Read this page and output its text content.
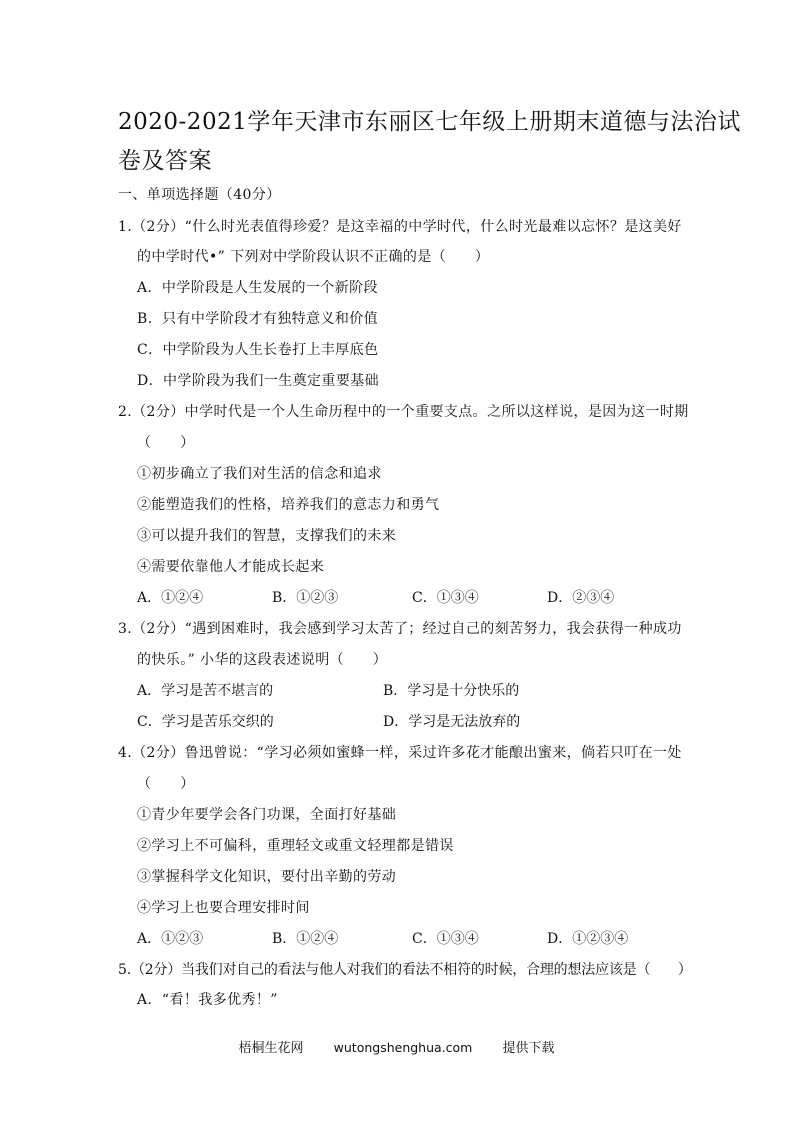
2020-2021学年天津市东丽区七年级上册期末道德与法治试
卷及答案
一、单项选择题（40分）
1.（2分）“什么时光表值得珍爱？是这幸福的中学时代，什么时光最难以忘怀？是这美好
的中学时代•” 下列对中学阶段认识不正确的是（　　）
A．中学阶段是人生发展的一个新阶段
B．只有中学阶段才有独特意义和价值
C．中学阶段为人生长卷打上丰厚底色
D．中学阶段为我们一生奠定重要基础
2.（2分）中学时代是一个人生命历程中的一个重要支点。之所以这样说，是因为这一时期
（　　）
①初步确立了我们对生活的信念和追求
②能塑造我们的性格，培养我们的意志力和勇气
③可以提升我们的智慧，支撑我们的未来
④需要依靠他人才能成长起来
A．①②④	B．①②③	C．①③④	D．②③④
3.（2分）“遇到困难时，我会感到学习太苦了；经过自己的刻苦努力，我会获得一种成功
的快乐。” 小华的这段表述说明（　　）
A．学习是苦不堪言的	B．学习是十分快乐的
C．学习是苦乐交织的	D．学习是无法放弃的
4.（2分）鲁迅曾说：“学习必须如蜜蜂一样，采过许多花才能酿出蜜来，倘若只叮在一处
（　　）
①青少年要学会各门功课，全面打好基础
②学习上不可偏科，重理轻文或重文轻理都是错误
③掌握科学文化知识，要付出辛勤的劳动
④学习上也要合理安排时间
A．①②③	B．①②④	C．①③④	D．①②③④
5.（2分）当我们对自己的看法与他人对我们的看法不相符的时候，合理的想法应该是（　　）
A．“看！我多优秀！”
梧桐生花网 wutongshenghua.com 提供下载
